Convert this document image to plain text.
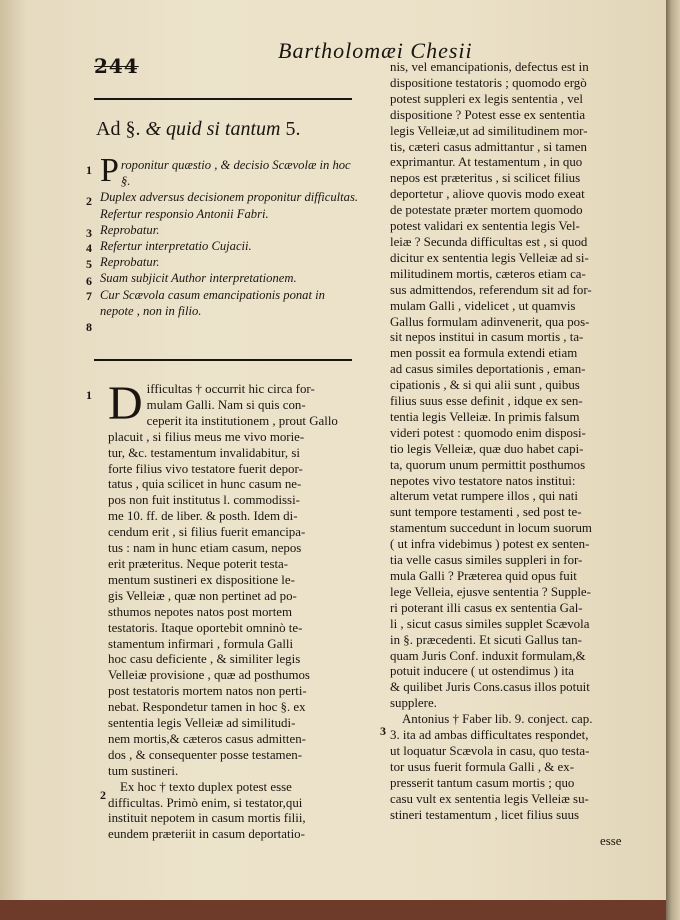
244
Bartholomæi Chesii
Ad §. & quid si tantum 5.
1
2
3
4
5
6
7
8
Proponitur quæstio , & decisio Scævolæ in hoc §.
Duplex adversus decisionem proponitur difficultas.
Refertur responsio Antonii Fabri.
Reprobatur.
Refertur interpretatio Cujacii.
Reprobatur.
Suam subjicit Author interpretationem.
Cur Scævola casum emancipationis ponat in nepote , non in filio.
1
2
D ifficultas † occurrit hic circa for-
mulam Galli. Nam si quis con-
ceperit ita institutionem , prout Gallo
placuit , si filius meus me vivo morie-
tur, &c. testamentum invalidabitur, si
forte filius vivo testatore fuerit depor-
tatus , quia scilicet in hunc casum ne-
pos non fuit institutus l. commodissi-
me 10. ff. de liber. & posth. Idem di-
cendum erit , si filius fuerit emancipa-
tus : nam in hunc etiam casum, nepos
erit præteritus. Neque poterit testa-
mentum sustineri ex dispositione le-
gis Velleiæ , quæ non pertinet ad po-
sthumos nepotes natos post mortem
testatoris. Itaque oportebit omninò te-
stamentum infirmari , formula Galli
hoc casu deficiente , & similiter legis
Velleiæ provisione , quæ ad posthumos
post testatoris mortem natos non perti-
nebat. Respondetur tamen in hoc §. ex
sententia legis Velleiæ ad similitudi-
nem mortis,& cæteros casus admitten-
dos , & consequenter posse testamen-
tum sustineri.
Ex hoc † texto duplex potest esse
difficultas. Primò enim, si testator,qui
instituit nepotem in casum mortis filii,
eundem præteriit in casum deportatio-
3
nis, vel emancipationis, defectus est in
dispositione testatoris ; quomodo ergò
potest suppleri ex legis sententia , vel
dispositione ? Potest esse ex sententia
legis Velleiæ,ut ad similitudinem mor-
tis, cæteri casus admittantur , si tamen
exprimantur. At testamentum , in quo
nepos est præteritus , si scilicet filius
deportetur , aliove quovis modo exeat
de potestate præter mortem quomodo
potest validari ex sententia legis Vel-
leiæ ? Secunda difficultas est , si quod
dicitur ex sententia legis Velleiæ ad si-
militudinem mortis, cæteros etiam ca-
sus admittendos, referendum sit ad for-
mulam Galli , videlicet , ut quamvis
Gallus formulam adinvenerit, qua pos-
sit nepos institui in casum mortis , ta-
men possit ea formula extendi etiam
ad casus similes deportationis , eman-
cipationis , & si qui alii sunt , quibus
filius suus esse definit , idque ex sen-
tentia legis Velleiæ. In primis falsum
videri potest : quomodo enim disposi-
tio legis Velleiæ, quæ duo habet capi-
ta, quorum unum permittit posthumos
nepotes vivo testatore natos institui:
alterum vetat rumpere illos , qui nati
sunt tempore testamenti , sed post te-
stamentum succedunt in locum suorum
( ut infra videbimus ) potest ex senten-
tia velle casus similes suppleri in for-
mula Galli ? Præterea quid opus fuit
lege Velleia, ejusve sententia ? Supple-
ri poterant illi casus ex sententia Gal-
li , sicut casus similes supplet Scævola
in §. præcedenti. Et sicuti Gallus tan-
quam Juris Conf. induxit formulam,&
potuit inducere ( ut ostendimus ) ita
& quilibet Juris Cons.casus illos potuit
supplere.
Antonius † Faber lib. 9. conject. cap.
3. ita ad ambas difficultates respondet,
ut loquatur Scævola in casu, quo testa-
tor usus fuerit formula Galli , & ex-
presserit tantum casum mortis ; quo
casu vult ex sententia legis Velleiæ su-
stineri testamentum , licet filius suus
esse
